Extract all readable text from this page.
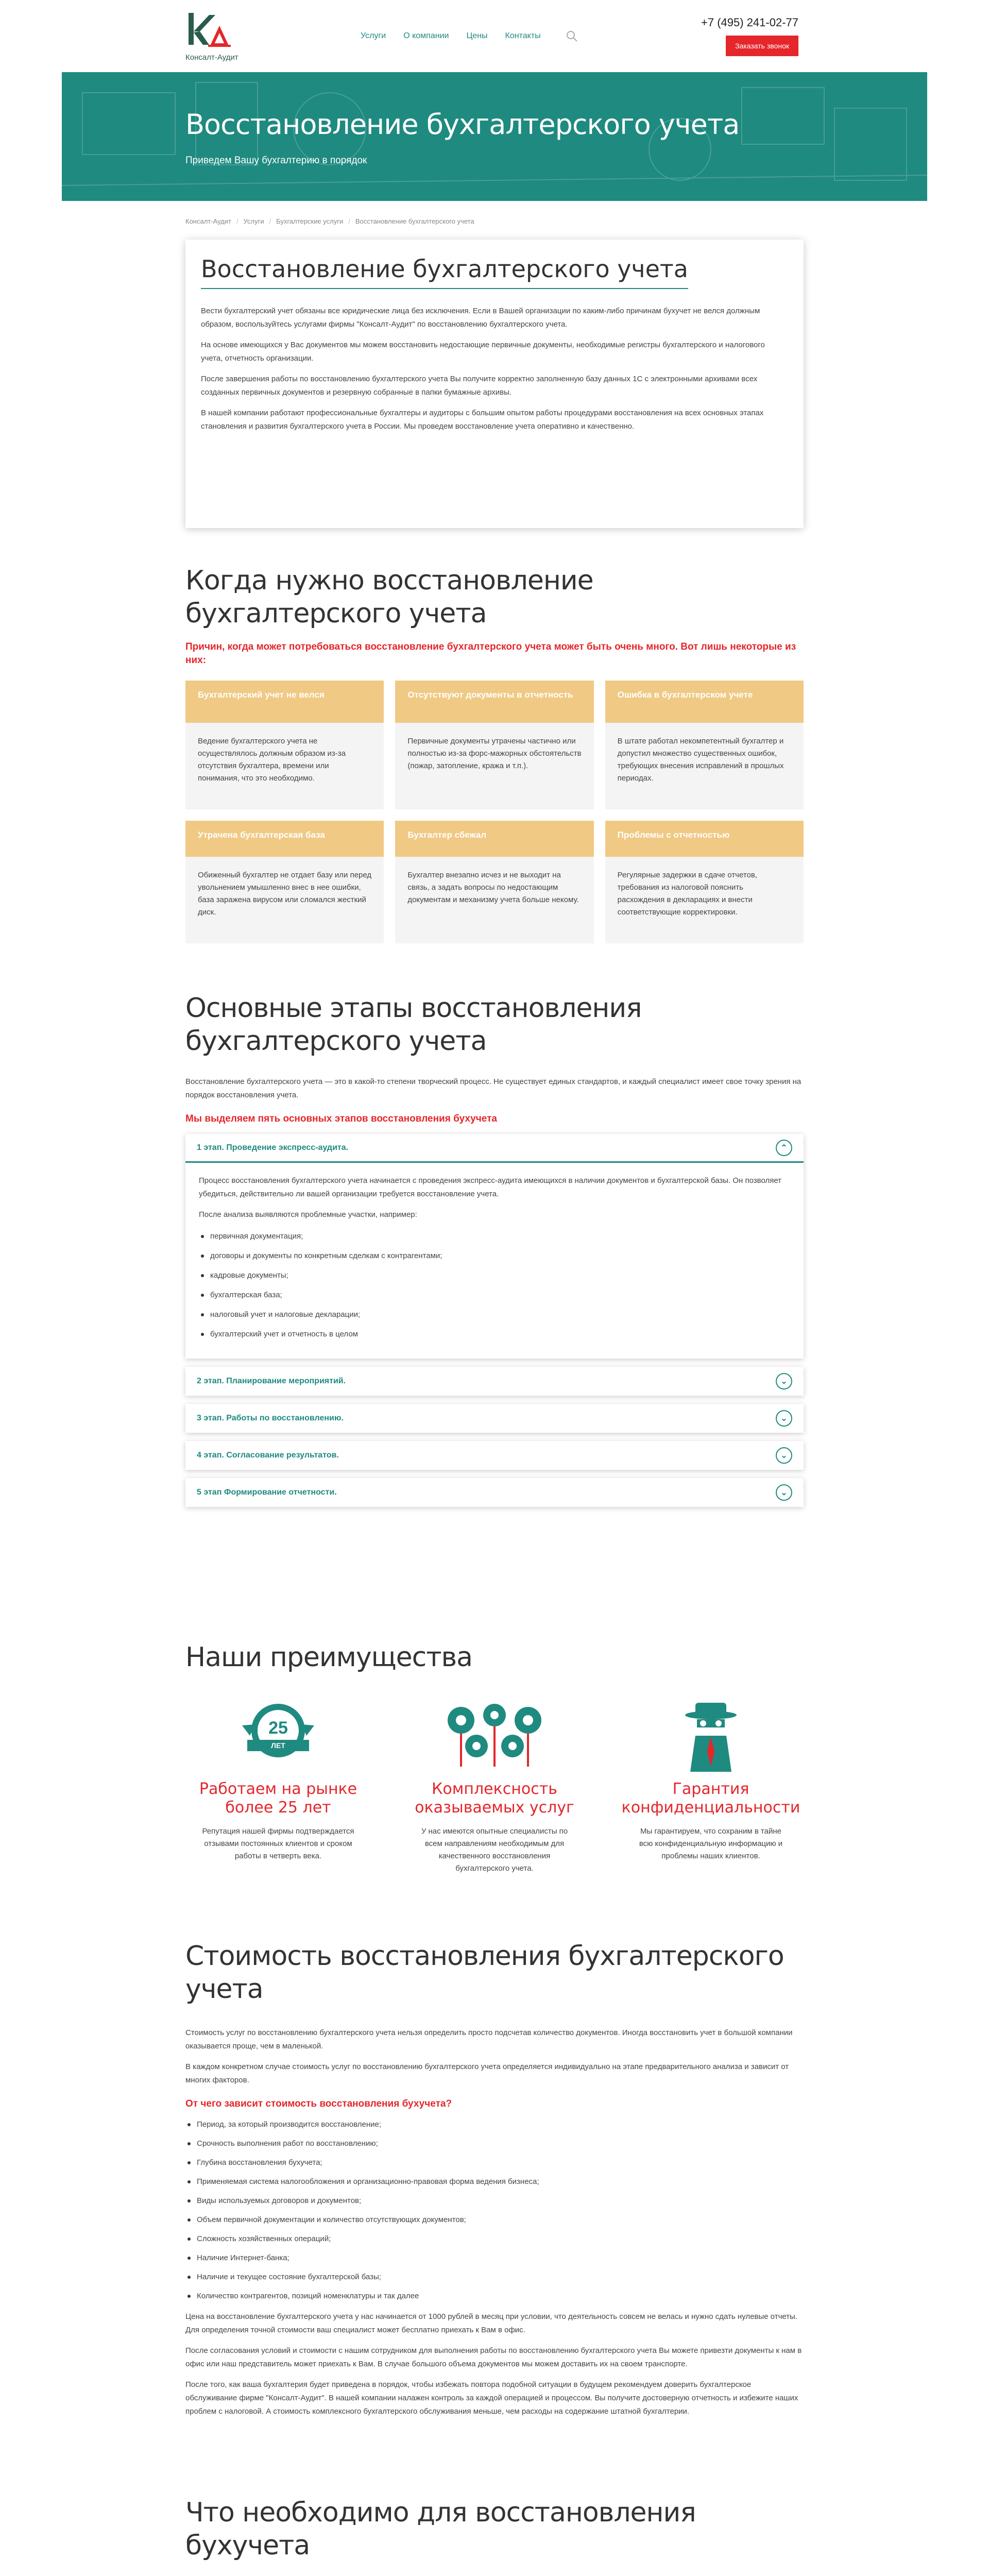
Консалт-Аудит
Услуги О компании Цены Контакты
+7 (495) 241-02-77
Заказать звонок
Восстановление бухгалтерского учета

Приведем Вашу бухгалтерию в порядок

Консалт-Аудит / Услуги / Бухгалтерские услуги / Восстановление бухгалтерского учета
Восстановление бухгалтерского учета

Вести бухгалтерский учет обязаны все юридические лица без исключения. Если в Вашей организации по каким-либо причинам бухучет не велся должным образом, воспользуйтесь услугами фирмы "Консалт-Аудит" по восстановлению бухгалтерского учета.

На основе имеющихся у Вас документов мы можем восстановить недостающие первичные документы, необходимые регистры бухгалтерского и налогового учета, отчетность организации.

После завершения работы по восстановлению бухгалтерского учета Вы получите корректно заполненную базу данных 1С с электронными архивами всех созданных первичных документов и резервную собранные в папки бумажные архивы.

В нашей компании работают профессиональные бухгалтеры и аудиторы с большим опытом работы процедурами восстановления на всех основных этапах становления и развития бухгалтерского учета в России. Мы проведем восстановление учета оперативно и качественно.

Когда нужно восстановление бухгалтерского учета
Причин, когда может потребоваться восстановление бухгалтерского учета может быть очень много. Вот лишь некоторые из них:
Бухгалтерский учет не велся
Ведение бухгалтерского учета не осуществлялось должным образом из-за отсутствия бухгалтера, времени или понимания, что это необходимо.
Отсутствуют документы в отчетность
Первичные документы утрачены частично или полностью из-за форс-мажорных обстоятельств (пожар, затопление, кража и т.п.).
Ошибка в бухгалтерском учете
В штате работал некомпетентный бухгалтер и допустил множество существенных ошибок, требующих внесения исправлений в прошлых периодах.
Утрачена бухгалтерская база
Обиженный бухгалтер не отдает базу или перед увольнением умышленно внес в нее ошибки, база заражена вирусом или сломался жесткий диск.
Бухгалтер сбежал
Бухгалтер внезапно исчез и не выходит на связь, а задать вопросы по недостающим документам и механизму учета больше некому.
Проблемы с отчетностью
Регулярные задержки в сдаче отчетов, требования из налоговой пояснить расхождения в декларациях и внести соответствующие корректировки.
Основные этапы восстановления бухгалтерского учета

Восстановление бухгалтерского учета — это в какой-то степени творческий процесс. Не существует единых стандартов, и каждый специалист имеет свое точку зрения на порядок восстановления учета.

Мы выделяем пять основных этапов восстановления бухучета
1 этап. Проведение экспресс-аудита.	⌃

Процесс восстановления бухгалтерского учета начинается с проведения экспресс-аудита имеющихся в наличии документов и бухгалтерской базы. Он позволяет убедиться, действительно ли вашей организации требуется восстановление учета.

После анализа выявляются проблемные участки, например:

первичная документация;
договоры и документы по конкретным сделкам с контрагентами;
кадровые документы;
бухгалтерская база;
налоговый учет и налоговые декларации;
бухгалтерский учет и отчетность в целом
2 этап. Планирование мероприятий.	⌄
3 этап. Работы по восстановлению.	⌄
4 этап. Согласование результатов.	⌄
5 этап Формирование отчетности.	⌄
Наши преимущества
25
ЛЕТ
Работаем на рынке более 25 лет

Репутация нашей фирмы подтверждается отзывами постоянных клиентов и сроком работы в четверть века.

Комплексность оказываемых услуг

У нас имеются опытные специалисты по всем направлениям необходимым для качественного восстановления бухгалтерского учета.

Гарантия конфиденциальности

Мы гарантируем, что сохраним в тайне всю конфиденциальную информацию и проблемы наших клиентов.

Стоимость восстановления бухгалтерского учета

Стоимость услуг по восстановлению бухгалтерского учета нельзя определить просто подсчетав количество документов. Иногда восстановить учет в большой компании оказывается проще, чем в маленькой.

В каждом конкретном случае стоимость услуг по восстановлению бухгалтерского учета определяется индивидуально на этапе предварительного анализа и зависит от многих факторов.

От чего зависит стоимость восстановления бухучета?
Период, за который производится восстановление;
Срочность выполнения работ по восстановлению;
Глубина восстановления бухучета;
Применяемая система налогообложения и организационно-правовая форма ведения бизнеса;
Виды используемых договоров и документов;
Объем первичной документации и количество отсутствующих документов;
Сложность хозяйственных операций;
Наличие Интернет-банка;
Наличие и текущее состояние бухгалтерской базы;
Количество контрагентов, позиций номенклатуры и так далее

Цена на восстановление бухгалтерского учета у нас начинается от 1000 рублей в месяц при условии, что деятельность совсем не велась и нужно сдать нулевые отчеты. Для определения точной стоимости ваш специалист может бесплатно приехать к Вам в офис.

После согласования условий и стоимости с нашим сотрудником для выполнения работы по восстановлению бухгалтерского учета Вы можете привезти документы к нам в офис или наш представитель может приехать к Вам. В случае большого объема документов мы можем доставить их на своем транспорте.

После того, как ваша бухгалтерия будет приведена в порядок, чтобы избежать повтора подобной ситуации в будущем рекомендуем доверить бухгалтерское обслуживание фирме "Консалт-Аудит". В нашей компании налажен контроль за каждой операцией и процессом. Вы получите достоверную отчетность и избежите наших проблем с налоговой. А стоимость комплексного бухгалтерского обслуживания меньше, чем расходы на содержание штатной бухгалтерии.

Что необходимо для восстановления бухучета
